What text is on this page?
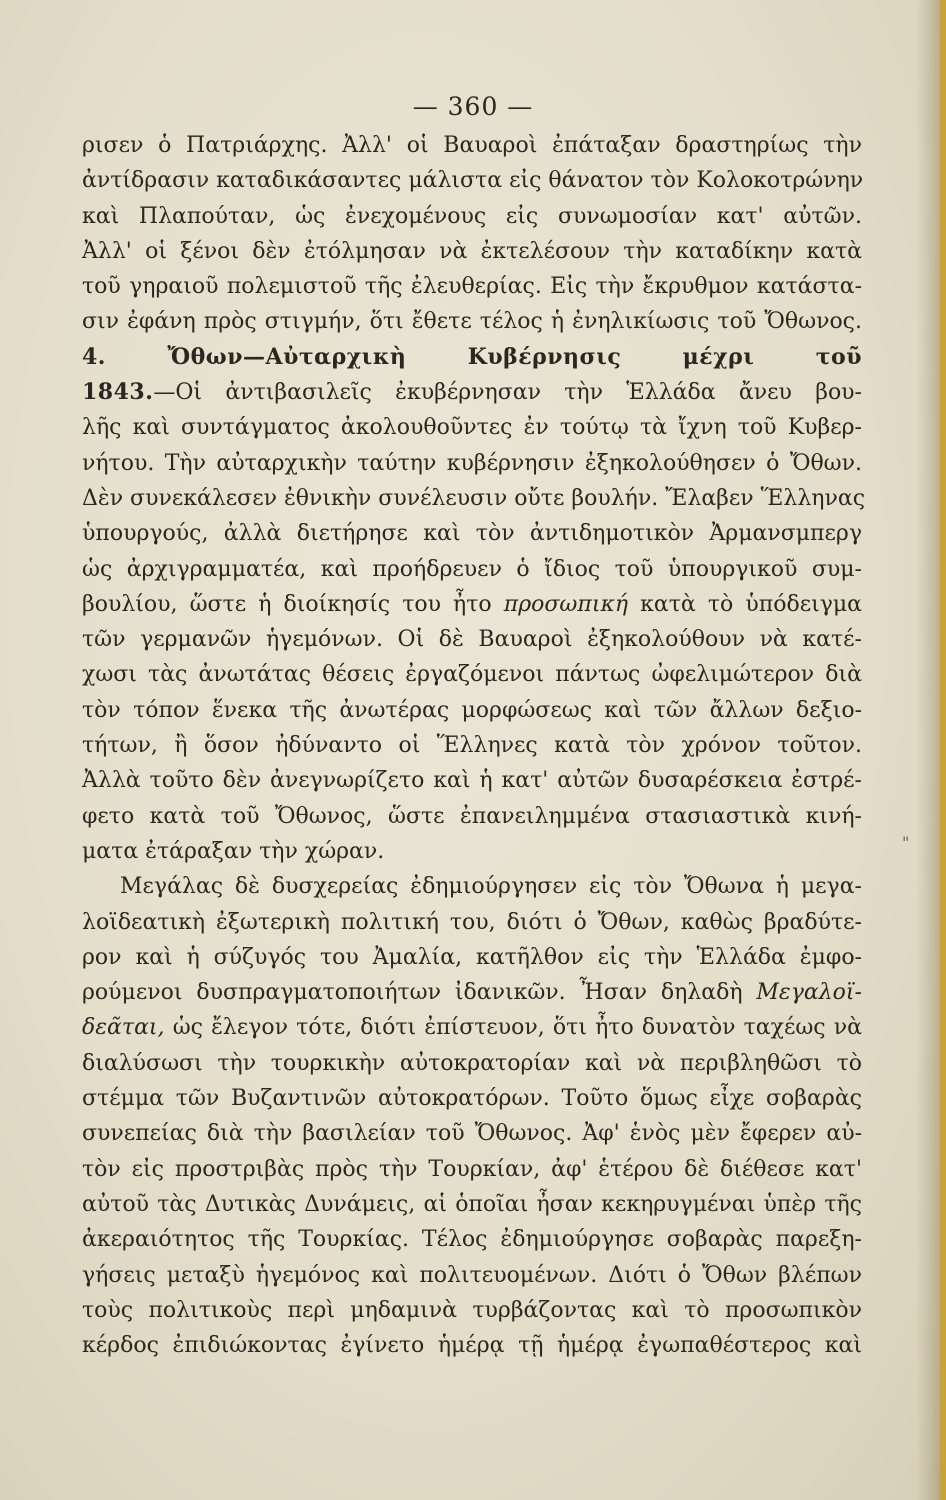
— 360 —
ρισεν ὁ Πατριάρχης. Ἀλλ' οἱ Βαυαροὶ ἐπάταξαν δραστηρίως τὴν
ἀντίδρασιν καταδικάσαντες μάλιστα εἰς θάνατον τὸν Κολοκοτρώνην
καὶ Πλαπούταν, ὡς ἐνεχομένους εἰς συνωμοσίαν κατ' αὐτῶν.
Ἀλλ' οἱ ξένοι δὲν ἐτόλμησαν νὰ ἐκτελέσουν τὴν καταδίκην κατὰ
τοῦ γηραιοῦ πολεμιστοῦ τῆς ἐλευθερίας. Εἰς τὴν ἔκρυθμον κατάστα-
σιν ἐφάνη πρὸς στιγμήν, ὅτι ἔθετε τέλος ἡ ἐνηλικίωσις τοῦ Ὄθωνος.
4. Ὄθων—Αὐταρχικὴ Κυβέρνησις μέχρι τοῦ
1843.—Οἱ ἀντιβασιλεῖς ἐκυβέρνησαν τὴν Ἑλλάδα ἄνευ βου-
λῆς καὶ συντάγματος ἀκολουθοῦντες ἐν τούτῳ τὰ ἴχνη τοῦ Κυβερ-
νήτου. Τὴν αὐταρχικὴν ταύτην κυβέρνησιν ἐξηκολούθησεν ὁ Ὄθων.
Δὲν συνεκάλεσεν ἐθνικὴν συνέλευσιν οὔτε βουλήν. Ἔλαβεν Ἕλληνας
ὑπουργούς, ἀλλὰ διετήρησε καὶ τὸν ἀντιδημοτικὸν Ἀρμανσμπεργ
ὡς ἀρχιγραμματέα, καὶ προήδρευεν ὁ ἴδιος τοῦ ὑπουργικοῦ συμ-
βουλίου, ὥστε ἡ διοίκησίς του ἦτο προσωπική κατὰ τὸ ὑπόδειγμα
τῶν γερμανῶν ἡγεμόνων. Οἱ δὲ Βαυαροὶ ἐξηκολούθουν νὰ κατέ-
χωσι τὰς ἀνωτάτας θέσεις ἐργαζόμενοι πάντως ὠφελιμώτερον διὰ
τὸν τόπον ἕνεκα τῆς ἀνωτέρας μορφώσεως καὶ τῶν ἄλλων δεξιο-
τήτων, ἢ ὅσον ἠδύναντο οἱ Ἕλληνες κατὰ τὸν χρόνον τοῦτον.
Ἀλλὰ τοῦτο δὲν ἀνεγνωρίζετο καὶ ἡ κατ' αὐτῶν δυσαρέσκεια ἐστρέ-
φετο κατὰ τοῦ Ὄθωνος, ὥστε ἐπανειλημμένα στασιαστικὰ κινή-
ματα ἐτάραξαν τὴν χώραν.
Μεγάλας δὲ δυσχερείας ἐδημιούργησεν εἰς τὸν Ὄθωνα ἡ μεγα-
λοϊδεατικὴ ἐξωτερικὴ πολιτική του, διότι ὁ Ὄθων, καθὼς βραδύτε-
ρον καὶ ἡ σύζυγός του Ἀμαλία, κατῆλθον εἰς τὴν Ἑλλάδα ἐμφο-
ρούμενοι δυσπραγματοποιήτων ἰδανικῶν. Ἦσαν δηλαδὴ Μεγαλοϊ-
δεᾶται, ὡς ἔλεγον τότε, διότι ἐπίστευον, ὅτι ἦτο δυνατὸν ταχέως νὰ
διαλύσωσι τὴν τουρκικὴν αὐτοκρατορίαν καὶ νὰ περιβληθῶσι τὸ
στέμμα τῶν Βυζαντινῶν αὐτοκρατόρων. Τοῦτο ὅμως εἶχε σοβαρὰς
συνεπείας διὰ τὴν βασιλείαν τοῦ Ὄθωνος. Ἀφ' ἑνὸς μὲν ἔφερεν αὐ-
τὸν εἰς προστριβὰς πρὸς τὴν Τουρκίαν, ἀφ' ἑτέρου δὲ διέθεσε κατ'
αὐτοῦ τὰς Δυτικὰς Δυνάμεις, αἱ ὁποῖαι ἦσαν κεκηρυγμέναι ὑπὲρ τῆς
ἀκεραιότητος τῆς Τουρκίας. Τέλος ἐδημιούργησε σοβαρὰς παρεξη-
γήσεις μεταξὺ ἡγεμόνος καὶ πολιτευομένων. Διότι ὁ Ὄθων βλέπων
τοὺς πολιτικοὺς περὶ μηδαμινὰ τυρβάζοντας καὶ τὸ προσωπικὸν
κέρδος ἐπιδιώκοντας ἐγίνετο ἡμέρᾳ τῇ ἡμέρᾳ ἐγωπαθέστερος καὶ
"
